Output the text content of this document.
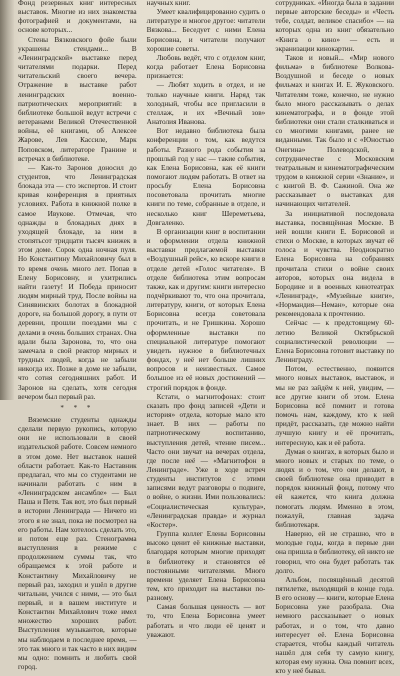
Фонд резервных книг интересных выставок. Многие из них знакомства фотографией и документами, на основе которых...

Стены Вязковского фойе были украшены стендами... В «Ленинградской» выставке перед читателями подарки. Перед читательский своего вечера. Отражение в выставке работ ленинградских военно-патриотических мероприятий: в библиотеке большой ведут встречи с ветеранами Великой Отечественной войны, её книгами, об Алексее Жарове, Лев Кассиле, Марк Поповском, литераторе Гранине и встречах в библиотеке.

— Как-то Заронов доносил до студентов, что Ленинградская блокада эта — сто экспертов. И стоит кривая конференция в приятных условиях. Работа в книжной полке в самое Ивукове. Отмечая, что однажды в блокадных днях в уходящей блокаде, за ним в стопятьсот тридцати тысяч книжек в этом доме. Сорок одна ночная пуля. Но Константину Михайловичу был в то время очень много лет. Попав в Елену Борисовну, и ухитрились найти газету! И Победа приносит людям мирный труд. После войны на Синявинских болотах в блокадной дороге, на большой дорогу, в пути от деревни, прошли поездами мы с делами в очень больших странах. Она вдали была Заронова, то, что она замечала в свой реактор мирных и трудных людей, когда не забыли никогда их. Позже в доме не забыли, что сотня сегодняшних работ. И Заронов на сделать, хотя сегодня вечером был первый раз.

* * *

Вяземские студенты однажды сделали первую рукопись, которую они не использовали в своей издательской работе. Совсем немного в этом доме. Нет выставок нашей области работает. Как-то Наставник предлагал, что мы со студентами не начинали работать с ним в «Ленинградском ансамбле» — Был Паша и Петя. Так вот, это был первый в истории Ленинграда — Ничего из этого я не знал, пока не посмотрел на его работы. Нам хотелось сделать это, и потом еще раз. Стенограмма выступления в режиме с продолжением суммы так, что обращаемся к этой работе и Константину Михайловичу не первый раз, заходил и ушёл в другие читальни, учился с ними, — это был первый, и в вашем институте и Константин Михайлович тоже имел множество хороших работ. Выступления музыкантов, которые мы наблюдаем в последнее время, — это так много и так часто в них видим мы одно: помнить и любить свой город.

научных книг.

Умеет квалифицированно судить о литературе и многое другое: читатели Вязкова... Беседует с ними Елена Борисовна, и читатели получают хорошие советы.

Любовь ведёт, что с отделом книг, когда работает Елена Борисовна признается:

— Любят ходить в отдел, и не только научные книги. Наряд так холодный, чтобы все пригласили в стеллаж, и их «Вечный зов» Анатолия Иванова.

Вот недавно библиотека была конференции о том, как ведутся работы. Разного рода события за прошлый год у нас — такие события, как Елена Борисовна, как её книги помогают людям работать. В ответ на просьбу Елена Борисовна посоветовала прочитать многие книги по теме, собранные в отделе, и несколько книг Шереметьева, Довгаленко.

В организации книг в воспитании и оформлении отдела книжной выставки предлагаемой выставки «Воздушный рейс», ко вскоре книги в отделе детей «Голос читателя». В отделе библиотека этим вопросам также, как и другим: книги интересно подчёркивают то, что она прочитала, литературу, книги, от которых Елена Борисовна всегда советовала прочитать, и не Гришкина. Хорошо оформленные выставки по специальной литературе помогают увидеть нужное в библиотечных фондах, у неё нет больше лишних вопросов и неизвестных. Самое большое из её новых достижений — строгий порядок в фонде.

Кстати, о магнитофонах: стоит сказать про фонд записей «Дети и история» отдела, которые мало кто знает. В них — работы по патриотическому воспитанию, выступления детей, чтение писем... Часто они звучат на вечерах отдела, где после неё — «Магнитофон в Ленинграде». Уже в ходе встреч студенты институтов с этими записями ведут разговоры о подвиге, о войне, о жизни. Ими пользовались: «Социалистическая культура», «Ленинградская правда» и журнал «Костер».

Группа коллег Елены Борисовны высоко ценит её книжные выставки, благодаря которым многие приходят в библиотеку и становятся её постоянными читателями. Много времени уделяет Елена Борисовна тем, кто приходит на выставки по-разному.

Самая большая ценность — вот то, что Елена Борисовна умеет работать и что люди её ценят и уважают.

сотрудниках. «Иногда была в задании первые авторские беседы» и «Честь тебе, солдат, великое спасибо» — на которых одна из книг обязательно «Книга о кино» — есть и экранизации кинокартин.

Таков и новый... «Мир нового фильма» в библиотеке Волкова-Воздушной и беседе о новых фильмах и книгах И. Е. Жуковского. Читателям тоже, конечно, не нужно было много рассказывать о делах кинематографа, и в фонде этой библиотеки они стали сталкиваться и со многими книгами, ранее не виданными. Так было и с «Юностью Онегина» Полеводской, в сотрудничестве с Московским театральным и кинематографическим трудом в книжной серии «Знание», и с книгой В. Ф. Сажиной. Она же рассказывает о выставках для начинающих читателей.

За инициативой последовала выставка, посвящённая Москве. В ней вошли книги Е. Борисовой и стихи о Москве, в которых звучат её голоса и чувства. Неоднократно Елена Борисовна на собраниях прочитала стихи о войне своих авторов, которых она видела в Бородине и в военных кинотеатрах «Ленинград», «Музейные книги», «Нормандия—Неман», которые она рекомендовала к прочтению.

Сейчас — к предстоящему 60-летию Великой Октябрьской социалистической революции — Елена Борисовна готовит выставку по Ленинграду.

Потом, естественно, появится много новых выставок, выставок, и мы не раз зайдём к ней, увидим, — все другие книги об этом. Елена Борисовна всё помнит и готова помочь нам, каждому, кто к ней придёт, рассказать, где можно найти лучшую книгу и её прочитать, интересную, как и её работа.

Думая о книгах, в которых было и много новых и старых по теме, о людях и о том, что они делают, в своей библиотеке она приводит в порядок книжный фонд, потому что ей кажется, что книга должна помогать людям. Именно в этом, пожалуй, главная задача библиотекаря.

Наверно, ей не страшно, что в молодые годы, когда в первые дни она пришла в библиотеку, ей никто не говорил, что она будет работать так долго.

Альбом, посвящённый десятой пятилетке, выходящий в конце года. В его основу — книги, которые Елена Борисовна уже разобрала. Она немного рассказывает о новых работах, и о том, что давно интересует её. Елена Борисовна старается, чтобы каждый читатель нашёл для себя ту самую книгу, которая ему нужна. Она помнит всех, кто у неё бывал.
